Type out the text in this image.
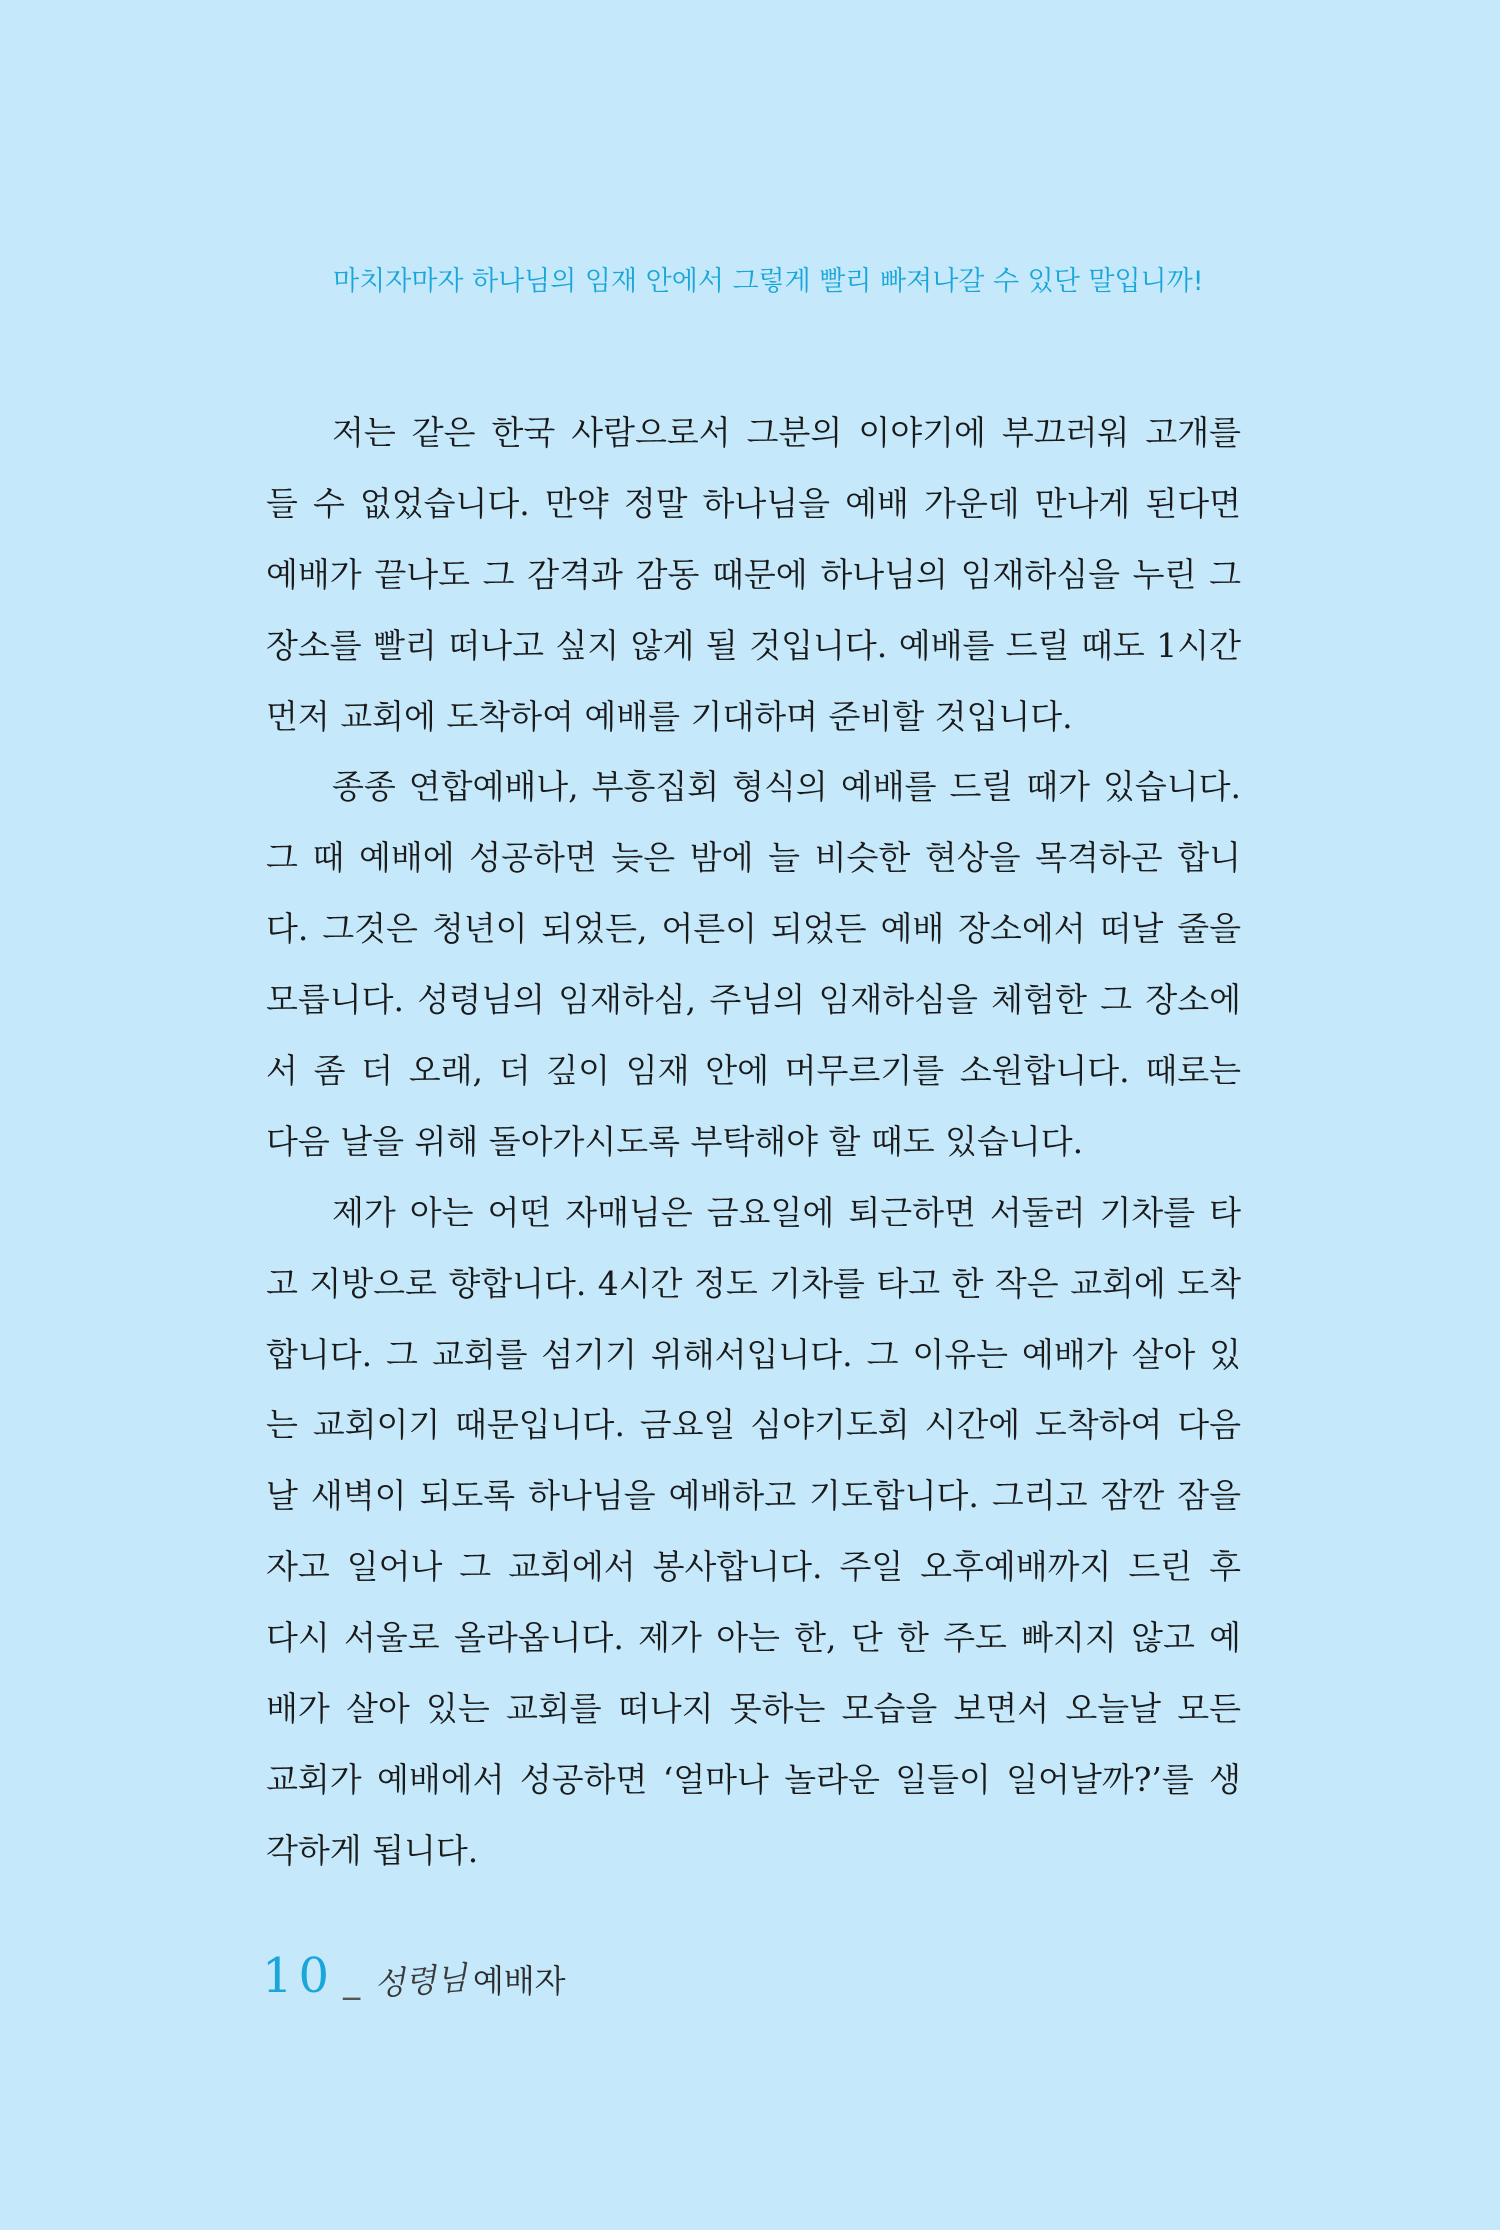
마치자마자 하나님의 임재 안에서 그렇게 빨리 빠져나갈 수 있단 말입니까!

저는 같은 한국 사람으로서 그분의 이야기에 부끄러워 고개를
들 수 없었습니다. 만약 정말 하나님을 예배 가운데 만나게 된다면
예배가 끝나도 그 감격과 감동 때문에 하나님의 임재하심을 누린 그
장소를 빨리 떠나고 싶지 않게 될 것입니다. 예배를 드릴 때도 1시간
먼저 교회에 도착하여 예배를 기대하며 준비할 것입니다.
종종 연합예배나, 부흥집회 형식의 예배를 드릴 때가 있습니다.
그 때 예배에 성공하면 늦은 밤에 늘 비슷한 현상을 목격하곤 합니
다. 그것은 청년이 되었든, 어른이 되었든 예배 장소에서 떠날 줄을
모릅니다. 성령님의 임재하심, 주님의 임재하심을 체험한 그 장소에
서 좀 더 오래, 더 깊이 임재 안에 머무르기를 소원합니다. 때로는
다음 날을 위해 돌아가시도록 부탁해야 할 때도 있습니다.
제가 아는 어떤 자매님은 금요일에 퇴근하면 서둘러 기차를 타
고 지방으로 향합니다. 4시간 정도 기차를 타고 한 작은 교회에 도착
합니다. 그 교회를 섬기기 위해서입니다. 그 이유는 예배가 살아 있
는 교회이기 때문입니다. 금요일 심야기도회 시간에 도착하여 다음
날 새벽이 되도록 하나님을 예배하고 기도합니다. 그리고 잠깐 잠을
자고 일어나 그 교회에서 봉사합니다. 주일 오후예배까지 드린 후
다시 서울로 올라옵니다. 제가 아는 한, 단 한 주도 빠지지 않고 예
배가 살아 있는 교회를 떠나지 못하는 모습을 보면서 오늘날 모든
교회가 예배에서 성공하면 ‘얼마나 놀라운 일들이 일어날까?’를 생
각하게 됩니다.
10 _ 성령님 예배자
